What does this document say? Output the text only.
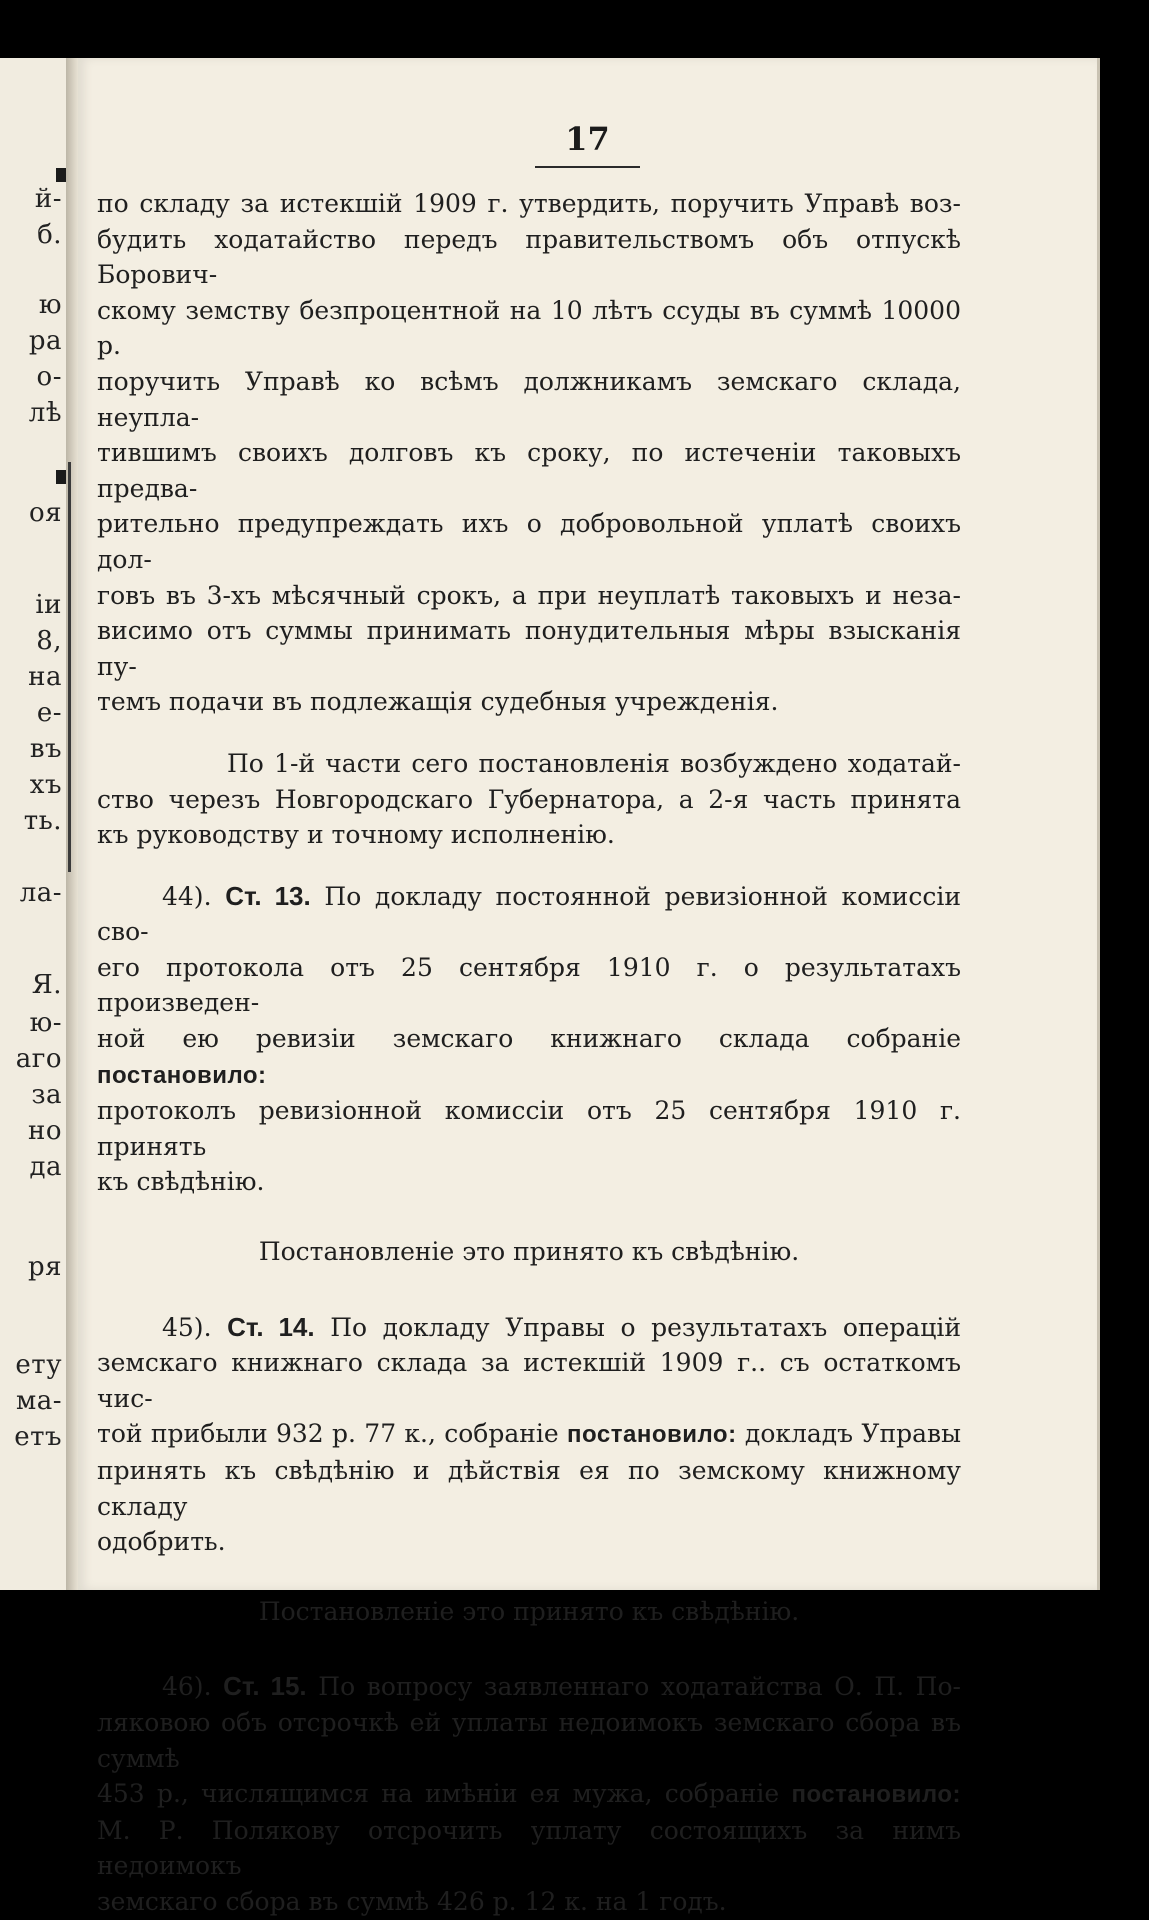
й-
б.
ю
ра
о-
лѣ
оя
іи
8,
на
е-
въ
хъ
ть.
ла-
Я.
ю-
аго
за
но
да
ря
ету
ма-
етъ
17

по складу за истекшій 1909 г. утвердить, поручить Управѣ воз-

будить ходатайство передъ правительствомъ объ отпускѣ Борович-

скому земству безпроцентной на 10 лѣтъ ссуды въ суммѣ 10000 р.

поручить Управѣ ко всѣмъ должникамъ земскаго склада, неупла-

тившимъ своихъ долговъ къ сроку, по истеченіи таковыхъ предва-

рительно предупреждать ихъ о добровольной уплатѣ своихъ дол-

говъ въ 3-хъ мѣсячный срокъ, а при неуплатѣ таковыхъ и неза-

висимо отъ суммы принимать понудительныя мѣры взысканія пу-

темъ подачи въ подлежащія судебныя учрежденія.

По 1-й части сего постановленія возбуждено ходатай-

ство черезъ Новгородскаго Губернатора, а 2-я часть принята

къ руководству и точному исполненію.

44). Ст. 13. По докладу постоянной ревизіонной комиссіи сво-

его протокола отъ 25 сентября 1910 г. о результатахъ произведен-

ной ею ревизіи земскаго книжнаго склада собраніе постановило:

протоколъ ревизіонной комиссіи отъ 25 сентября 1910 г. принять

къ свѣдѣнію.

Постановленіе это принято къ свѣдѣнію.

45). Ст. 14. По докладу Управы о результатахъ операцій

земскаго книжнаго склада за истекшій 1909 г.. съ остаткомъ чис-

той прибыли 932 р. 77 к., собраніе постановило: докладъ Управы

принять къ свѣдѣнію и дѣйствія ея по земскому книжному складу

одобрить.

Постановленіе это принято къ свѣдѣнію.

46). Ст. 15. По вопросу заявленнаго ходатайства О. П. По-

ляковою объ отсрочкѣ ей уплаты недоимокъ земскаго сбора въ суммѣ

453 р., числящимся на имѣніи ея мужа, собраніе постановило:

М. Р. Полякову отсрочить уплату состоящихъ за нимъ недоимокъ

земскаго сбора въ суммѣ 426 р. 12 к. на 1 годъ.
